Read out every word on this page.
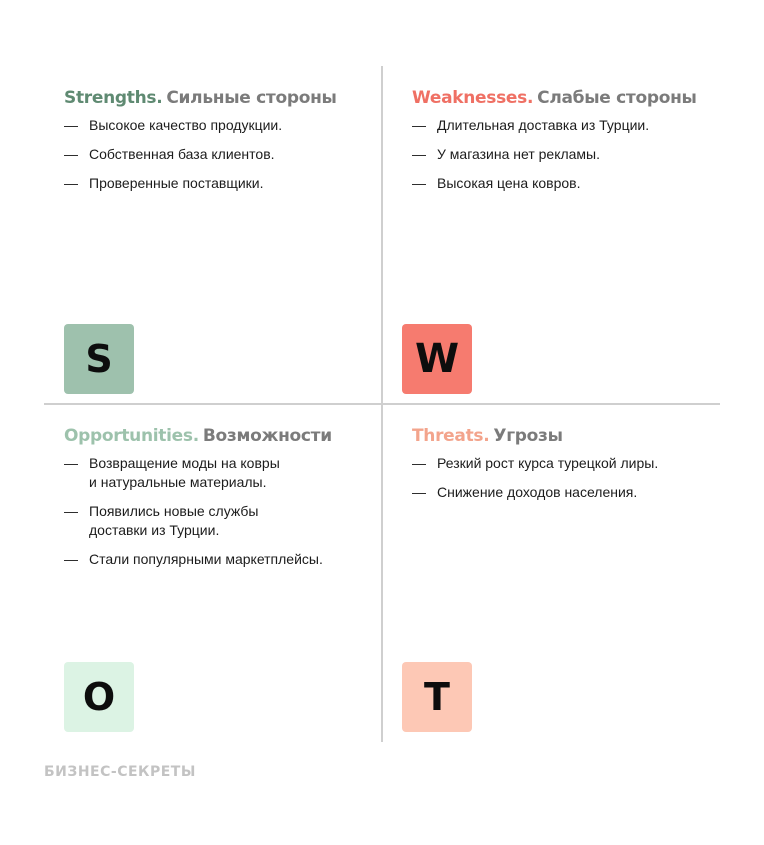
Strengths. Сильные стороны
— Высокое качество продукции.
— Собственная база клиентов.
— Проверенные поставщики.
Weaknesses. Слабые стороны
— Длительная доставка из Турции.
— У магазина нет рекламы.
— Высокая цена ковров.
Opportunities. Возможности
— Возвращение моды на ковры
и натуральные материалы.
— Появились новые службы
доставки из Турции.
— Стали популярными маркетплейсы.
Threats. Угрозы
— Резкий рост курса турецкой лиры.
— Снижение доходов населения.
S	W
O	T
БИЗНЕС-СЕКРЕТЫ
